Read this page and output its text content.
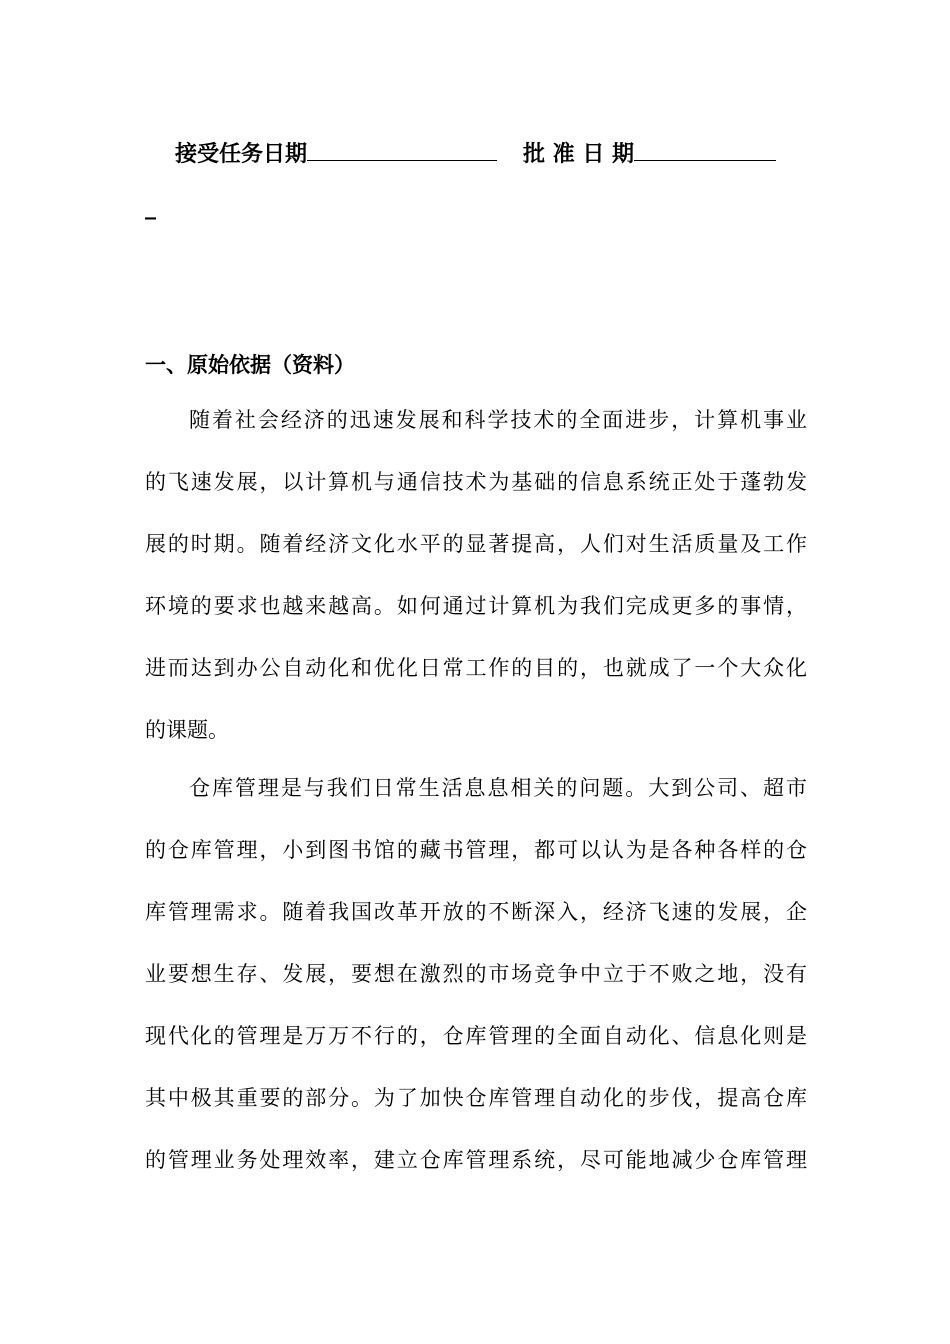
接受任务日期	批 准 日 期
_
一、原始依据（资料）
随着社会经济的迅速发展和科学技术的全面进步，计算机事业
的飞速发展，以计算机与通信技术为基础的信息系统正处于蓬勃发
展的时期。随着经济文化水平的显著提高，人们对生活质量及工作
环境的要求也越来越高。如何通过计算机为我们完成更多的事情，
进而达到办公自动化和优化日常工作的目的，也就成了一个大众化
的课题。
仓库管理是与我们日常生活息息相关的问题。大到公司、超市
的仓库管理，小到图书馆的藏书管理，都可以认为是各种各样的仓
库管理需求。随着我国改革开放的不断深入，经济飞速的发展，企
业要想生存、发展，要想在激烈的市场竞争中立于不败之地，没有
现代化的管理是万万不行的，仓库管理的全面自动化、信息化则是
其中极其重要的部分。为了加快仓库管理自动化的步伐，提高仓库
的管理业务处理效率，建立仓库管理系统，尽可能地减少仓库管理
